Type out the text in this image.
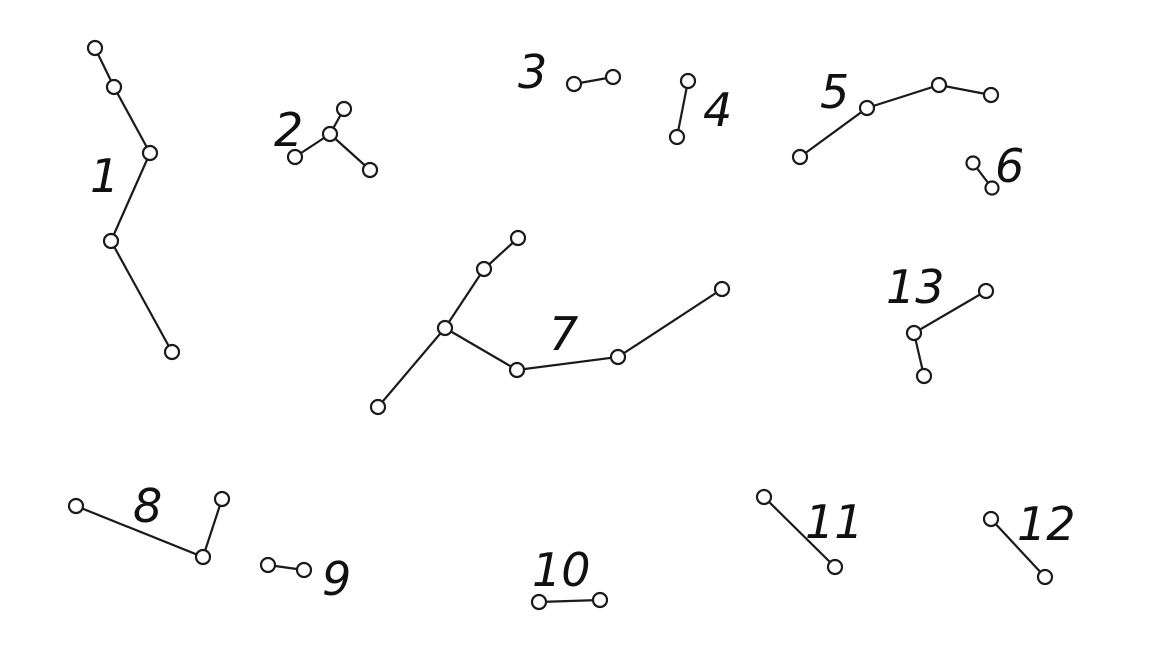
1
2
3
4 5
6
7
8
9	10
11	12
13
